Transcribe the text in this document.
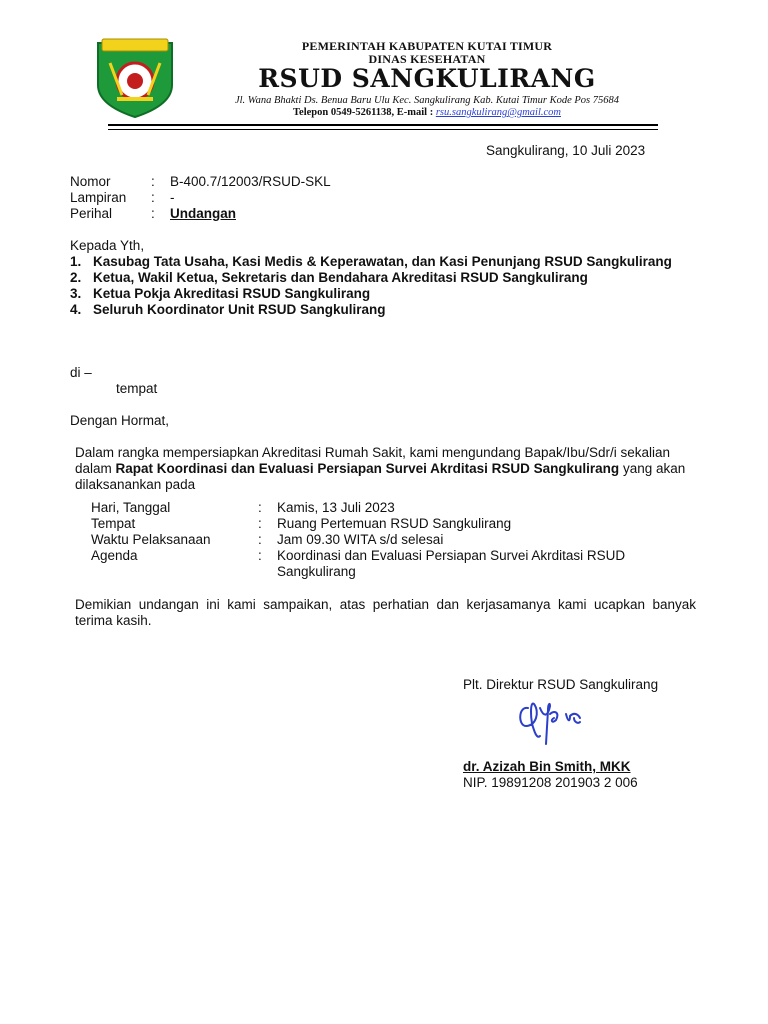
PEMERINTAH KABUPATEN KUTAI TIMUR
DINAS KESEHATAN
RSUD SANGKULIRANG
Jl. Wana Bhakti Ds. Benua Baru Ulu Kec. Sangkulirang Kab. Kutai Timur Kode Pos 75684
Telepon 0549-5261138, E-mail : rsu.sangkulirang@gmail.com
Sangkulirang, 10 Juli 2023
Nomor	: B-400.7/12003/RSUD-SKL
Lampiran : -
Perihal	: Undangan
Kepada Yth,
1. Kasubag Tata Usaha, Kasi Medis & Keperawatan, dan Kasi Penunjang RSUD Sangkulirang
2. Ketua, Wakil Ketua, Sekretaris dan Bendahara Akreditasi RSUD Sangkulirang
3. Ketua Pokja Akreditasi RSUD Sangkulirang
4. Seluruh Koordinator Unit RSUD Sangkulirang
di –
tempat
Dengan Hormat,
Dalam rangka mempersiapkan Akreditasi Rumah Sakit, kami mengundang Bapak/Ibu/Sdr/i sekalian dalam Rapat Koordinasi dan Evaluasi Persiapan Survei Akrditasi RSUD Sangkulirang yang akan dilaksanankan pada
Hari, Tanggal	: Kamis, 13 Juli 2023
Tempat	: Ruang Pertemuan RSUD Sangkulirang
Waktu Pelaksanaan	: Jam 09.30 WITA s/d selesai
Agenda	: Koordinasi dan Evaluasi Persiapan Survei Akrditasi RSUD Sangkulirang
Demikian undangan ini kami sampaikan, atas perhatian dan kerjasamanya kami ucapkan banyak terima kasih.
Plt. Direktur RSUD Sangkulirang
dr. Azizah Bin Smith, MKK
NIP. 19891208 201903 2 006
